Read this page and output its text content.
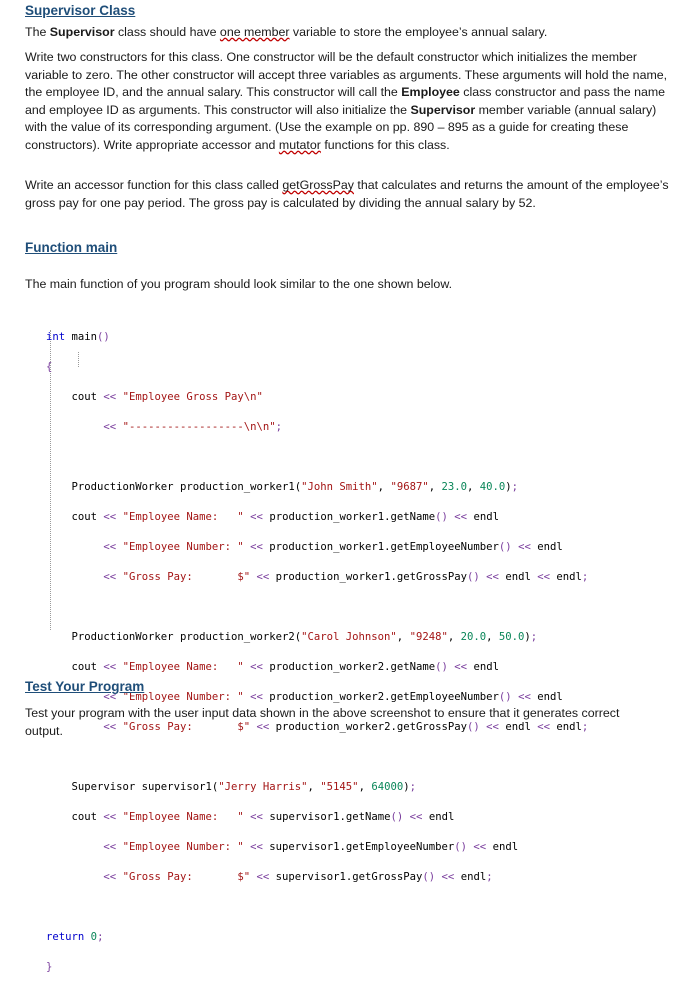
Supervisor Class
The Supervisor class should have one member variable to store the employee’s annual salary.
Write two constructors for this class. One constructor will be the default constructor which initializes the member variable to zero. The other constructor will accept three variables as arguments. These arguments will hold the name, the employee ID, and the annual salary. This constructor will call the Employee class constructor and pass the name and employee ID as arguments. This constructor will also initialize the Supervisor member variable (annual salary) with the value of its corresponding argument. (Use the example on pp. 890 – 895 as a guide for creating these constructors). Write appropriate accessor and mutator functions for this class.
Write an accessor function for this class called getGrossPay that calculates and returns the amount of the employee’s gross pay for one pay period. The gross pay is calculated by dividing the annual salary by 52.
Function main
The main function of you program should look similar to the one shown below.

int main()

{

cout << "Employee Gross Pay\n"

<< "------------------\n\n";

ProductionWorker production_worker1("John Smith", "9687", 23.0, 40.0);

cout << "Employee Name:   " << production_worker1.getName() << endl

<< "Employee Number: " << production_worker1.getEmployeeNumber() << endl

<< "Gross Pay:       $" << production_worker1.getGrossPay() << endl << endl;

ProductionWorker production_worker2("Carol Johnson", "9248", 20.0, 50.0);

cout << "Employee Name:   " << production_worker2.getName() << endl

<< "Employee Number: " << production_worker2.getEmployeeNumber() << endl

<< "Gross Pay:       $" << production_worker2.getGrossPay() << endl << endl;

Supervisor supervisor1("Jerry Harris", "5145", 64000);

cout << "Employee Name:   " << supervisor1.getName() << endl

<< "Employee Number: " << supervisor1.getEmployeeNumber() << endl

<< "Gross Pay:       $" << supervisor1.getGrossPay() << endl;

return 0;

}

Test Your Program
Test your program with the user input data shown in the above screenshot to ensure that it generates correct output.
